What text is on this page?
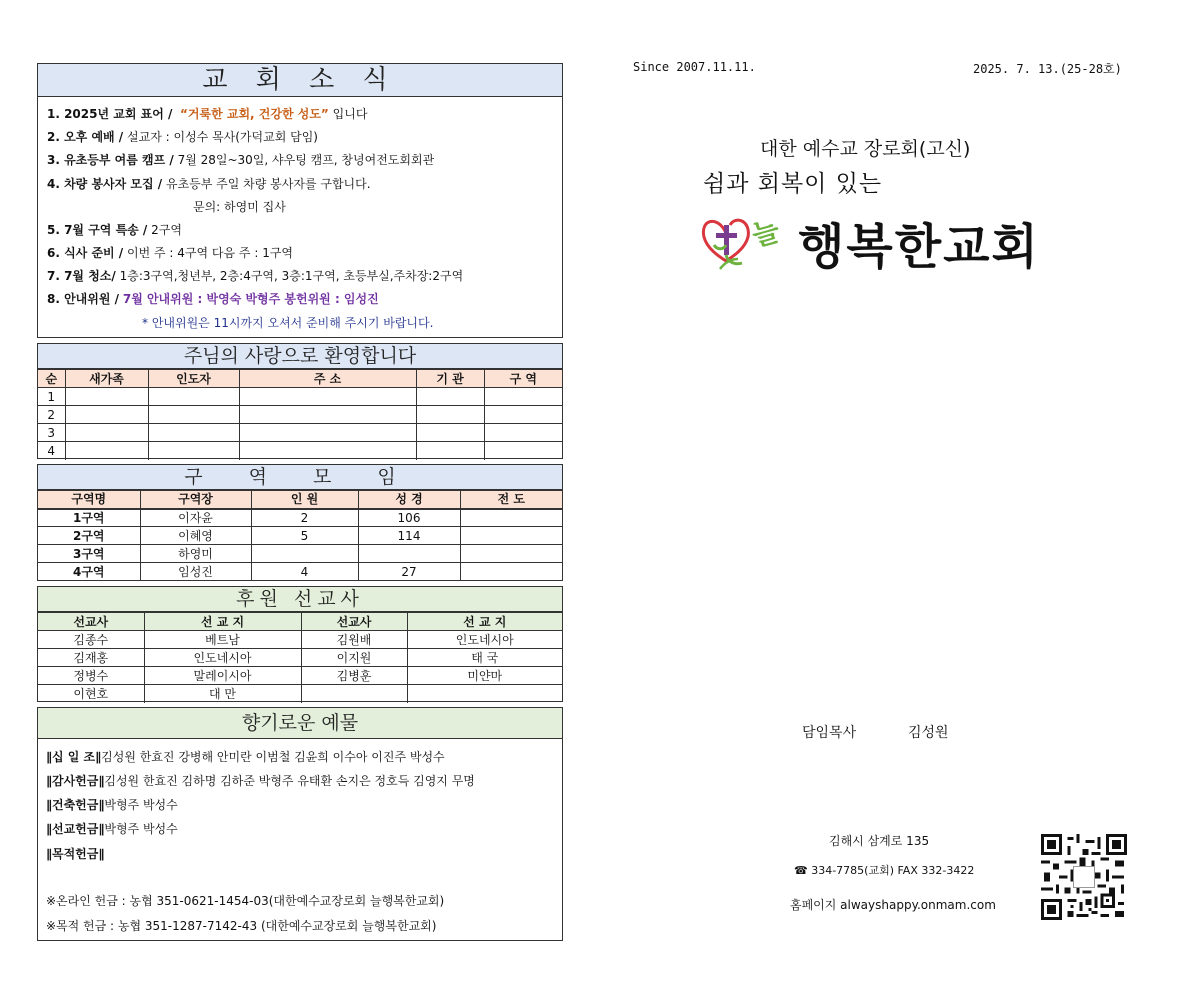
교 회 소 식
1. 2025년 교회 표어 / “거룩한 교회, 건강한 성도” 입니다
2. 오후 예배 / 설교자 : 이성수 목사(가덕교회 담임)
3. 유초등부 여름 캠프 / 7월 28일~30일, 샤우팅 캠프, 창녕여전도회회관
4. 차량 봉사자 모집 / 유초등부 주일 차량 봉사자를 구합니다.
문의: 하영미 집사
5. 7월 구역 특송 / 2구역
6. 식사 준비 / 이번 주 : 4구역 다음 주 : 1구역
7. 7월 청소/ 1층:3구역,청년부, 2층:4구역, 3층:1구역, 초등부실,주차장:2구역
8. 안내위원 / 7월 안내위원 : 박영숙 박형주 봉헌위원 : 임성진
* 안내위원은 11시까지 오셔서 준비해 주시기 바랍니다.
주님의 사랑으로 환영합니다
순	새가족	인도자	주 소	기 관	구 역
1					
2					
3					
4					
구 역 모 임
구역명	구역장	인 원	성 경	전 도
1구역	이자윤	2	106	
2구역	이혜영	5	114	
3구역	하영미			
4구역	임성진	4	27	
후원 선교사
선교사	선 교 지	선교사	선 교 지
김종수	베트남	김원배	인도네시아
김재홍	인도네시아	이지원	태 국
정병수	말레이시아	김병훈	미얀마
이현호	대 만		
향기로운 예물
∥십 일 조∥김성원 한효진 강병해 안미란 이범철 김윤희 이수아 이진주 박성수
∥감사헌금∥김성원 한효진 김하명 김하준 박형주 유태환 손지은 정호득 김영지 무명
∥건축헌금∥박형주 박성수
∥선교헌금∥박형주 박성수
∥목적헌금∥
※온라인 헌금 : 농협 351-0621-1454-03(대한예수교장로회 늘행복한교회)
※목적 헌금 : 농협 351-1287-7142-43 (대한예수교장로회 늘행복한교회)
Since 2007.11.11.	2025. 7. 13.(25-28호)
대한 예수교 장로회(고신)
쉼과 회복이 있는
늘 행복한교회
담임목사	김성원
김해시 삼계로 135
☎ 334-7785(교회) FAX 332-3422
홈페이지 alwayshappy.onmam.com
